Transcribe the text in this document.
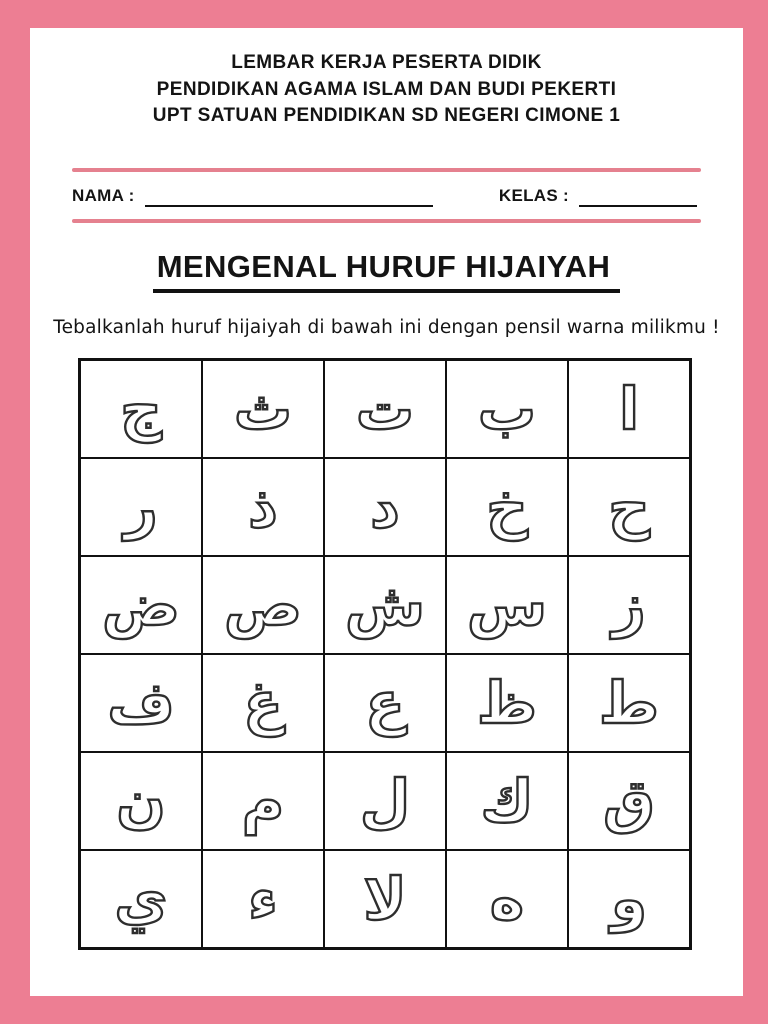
LEMBAR KERJA PESERTA DIDIK
PENDIDIKAN AGAMA ISLAM DAN BUDI PEKERTI
UPT SATUAN PENDIDIKAN SD NEGERI CIMONE 1
NAMA :	KELAS :
MENGENAL HURUF HIJAIYAH
Tebalkanlah huruf hijaiyah di bawah ini dengan pensil warna milikmu !
ا
ب
ت
ث
ج
ح
خ
د
ذ
ر
ز
س
ش
ص
ض
ط
ظ
ع
غ
ف
ق
ك
ل
م
ن
و
ه
لا
ء
ي
